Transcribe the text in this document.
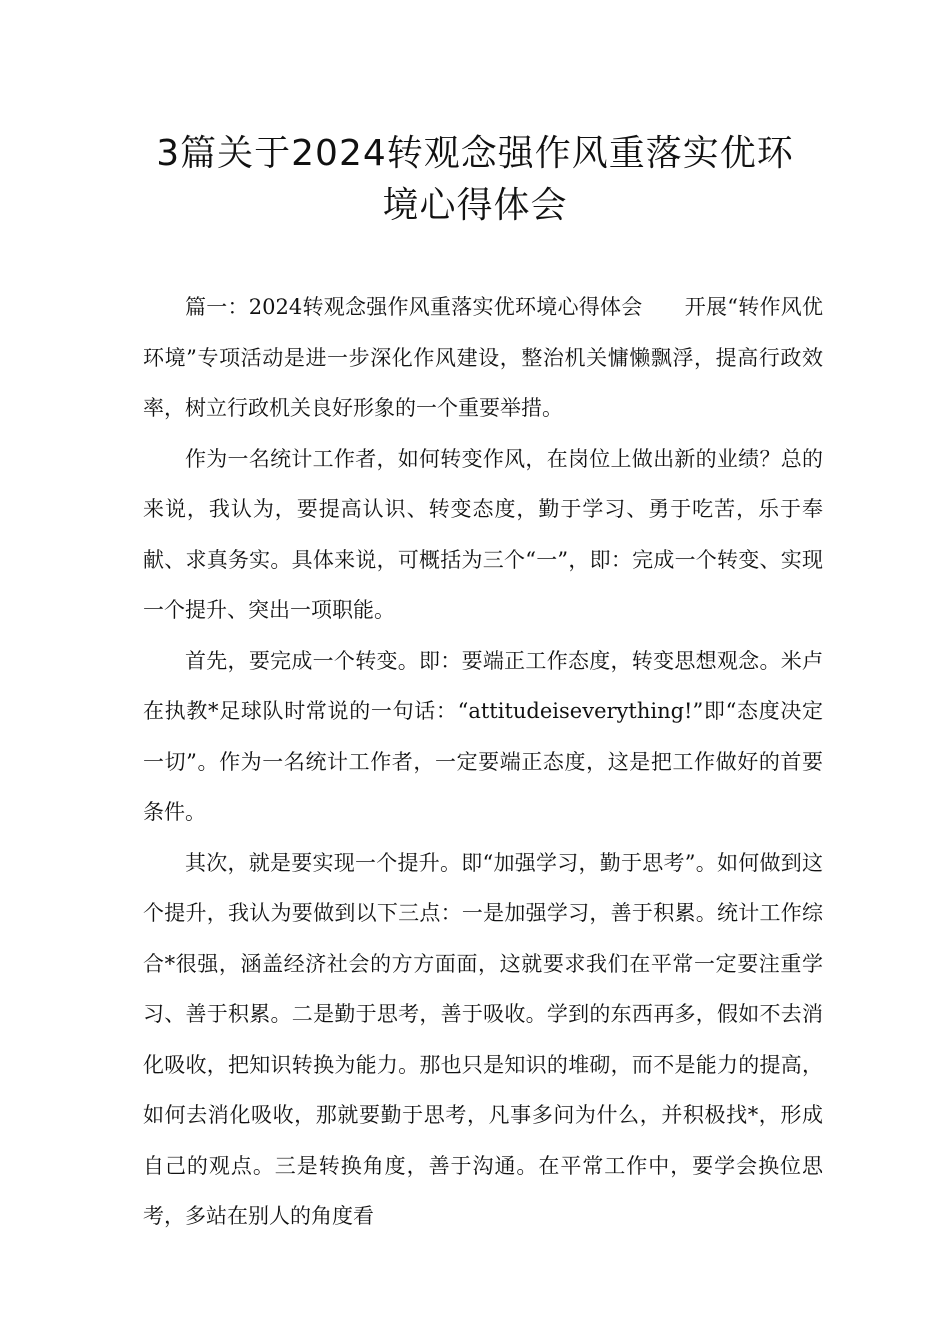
3篇关于2024转观念强作风重落实优环境心得体会

篇一：2024转观念强作风重落实优环境心得体会 开展“转作风优环境”专项活动是进一步深化作风建设，整治机关慵懒飘浮，提高行政效率，树立行政机关良好形象的一个重要举措。

作为一名统计工作者，如何转变作风，在岗位上做出新的业绩？总的来说，我认为，要提高认识、转变态度，勤于学习、勇于吃苦，乐于奉献、求真务实。具体来说，可概括为三个“一”，即：完成一个转变、实现一个提升、突出一项职能。

首先，要完成一个转变。即：要端正工作态度，转变思想观念。米卢在执教*足球队时常说的一句话：“attitudeiseverything!”即“态度决定一切”。作为一名统计工作者，一定要端正态度，这是把工作做好的首要条件。

其次，就是要实现一个提升。即“加强学习，勤于思考”。如何做到这个提升，我认为要做到以下三点：一是加强学习，善于积累。统计工作综合*很强，涵盖经济社会的方方面面，这就要求我们在平常一定要注重学习、善于积累。二是勤于思考，善于吸收。学到的东西再多，假如不去消化吸收，把知识转换为能力。那也只是知识的堆砌，而不是能力的提高，如何去消化吸收，那就要勤于思考，凡事多问为什么，并积极找*，形成自己的观点。三是转换角度，善于沟通。在平常工作中，要学会换位思考，多站在别人的角度看
